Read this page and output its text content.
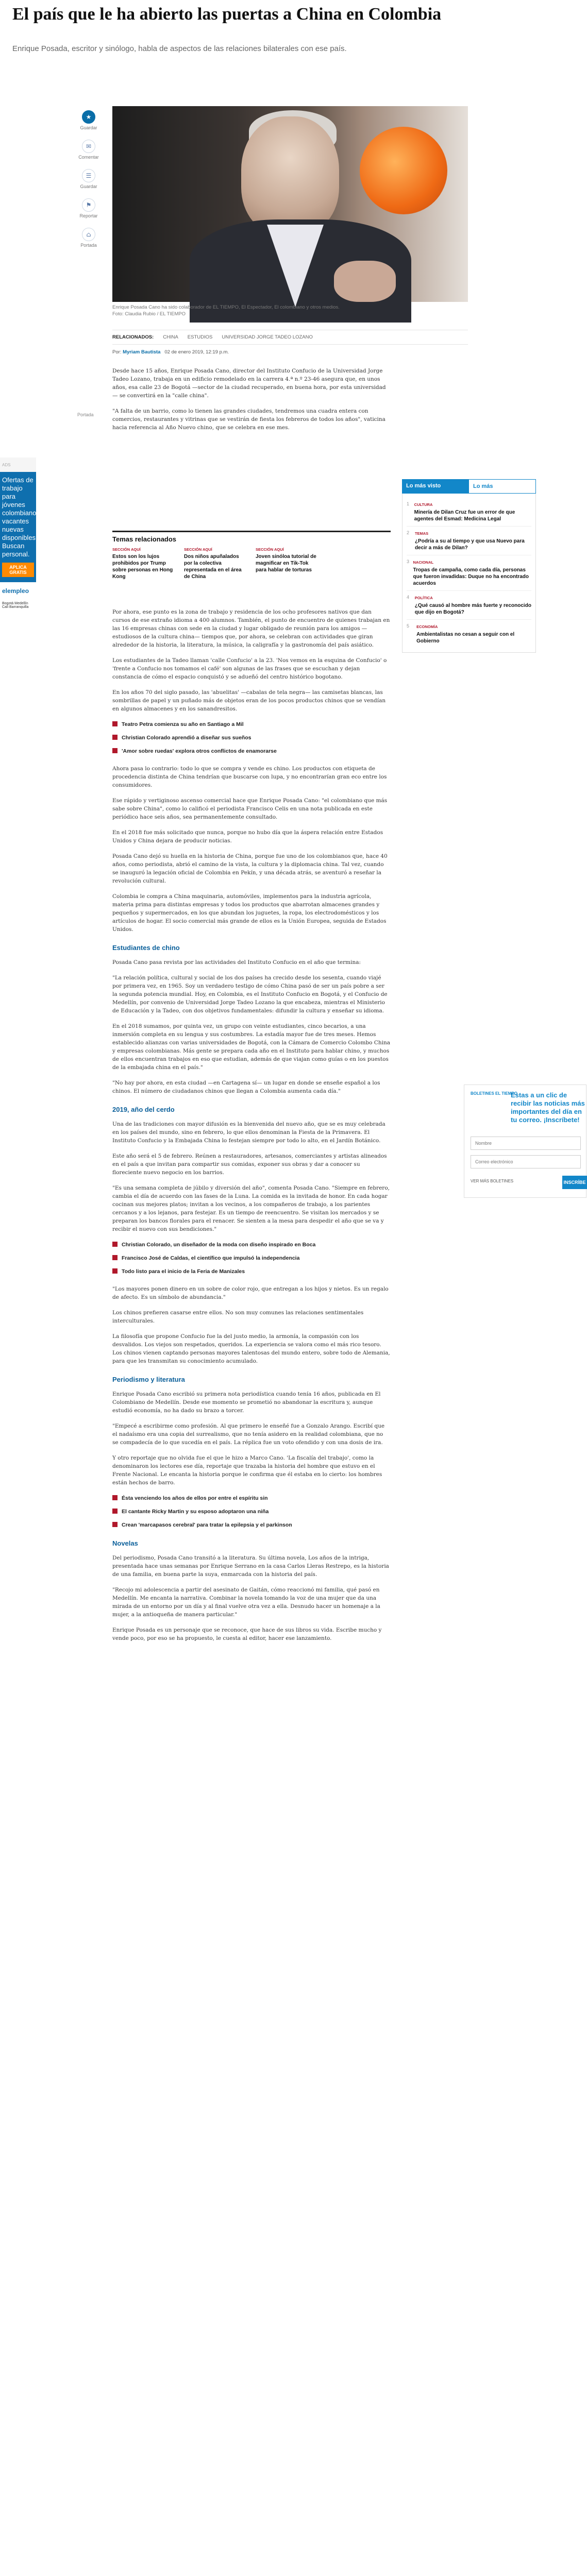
El país que le ha abierto las puertas a China en Colombia
Enrique Posada, escritor y sinólogo, habla de aspectos de las relaciones bilaterales con ese país.
★
Guardar
✉
Comentar
☰
Guardar
⚑
Reportar
⌂
Portada
Portada
Enrique Posada Cano ha sido colaborador de EL TIEMPO, El Espectador, El colombiano y otros medios.
Foto: Claudia Rubio / EL TIEMPO
RELACIONADOS: CHINA ESTUDIOS UNIVERSIDAD JORGE TADEO LOZANO
Por: Myriam Bautista 02 de enero 2019, 12:19 p.m.

Desde hace 15 años, Enrique Posada Cano, director del Instituto Confucio de la Universidad Jorge Tadeo Lozano, trabaja en un edificio remodelado en la carrera 4.ª n.º 23-46 asegura que, en unos años, esa calle 23 de Bogotá —sector de la ciudad recuperado, en buena hora, por esta universidad— se convertirá en la "calle china".

"A falta de un barrio, como lo tienen las grandes ciudades, tendremos una cuadra entera con comercios, restaurantes y vitrinas que se vestirán de fiesta los febreros de todos los años", vaticina hacia referencia al Año Nuevo chino, que se celebra en ese mes.

Temas relacionados
SECCIÓN AQUÍ
Estos son los lujos prohibidos por Trump sobre personas en Hong Kong
SECCIÓN AQUÍ
Dos niños apuñalados por la colectiva representada en el área de China
SECCIÓN AQUÍ
Joven sinóloa tutorial de magnificar en Tik-Tok para hablar de torturas
Lo más visto	Lo más
1	CULTURA
Minería de Dilan Cruz fue un error de que agentes del Esmad: Medicina Legal
2	TEMAS
¿Podría a su al tiempo y que usa Nuevo para decir a más de Dilan?
3 NACIONAL
Tropas de campaña, como cada día, personas que fueron invadidas: Duque no ha encontrado acuerdos
4	POLÍTICA
¿Qué causó al hombre más fuerte y reconocido que dijo en Bogotá?
5	ECONOMÍA
Ambientalistas no cesan a seguir con el Gobierno
ADS
Ofertas de trabajo para jóvenes colombianos vacantes nuevas disponibles. Buscan personal.
APLICA GRATIS
elempleo
Bogotá Medellín Cali Barranquilla

Por ahora, ese punto es la zona de trabajo y residencia de los ocho profesores nativos que dan cursos de ese extraño idioma a 400 alumnos. También, el punto de encuentro de quienes trabajan en las 16 empresas chinas con sede en la ciudad y lugar obligado de reunión para los amigos —estudiosos de la cultura china— tiempos que, por ahora, se celebran con actividades que giran alrededor de la historia, la literatura, la música, la caligrafía y la gastronomía del país asiático.

Los estudiantes de la Tadeo llaman 'calle Confucio' a la 23. 'Nos vemos en la esquina de Confucio' o 'frente a Confucio nos tomamos el café' son algunas de las frases que se escuchan y dejan constancia de cómo el espacio conquistó y se adueñó del centro histórico bogotano.

En los años 70 del siglo pasado, las 'abuelitas' —cabalas de tela negra— las camisetas blancas, las sombrillas de papel y un puñado más de objetos eran de los pocos productos chinos que se vendían en algunos almacenes y en los sanandresitos.

Teatro Petra comienza su año en Santiago a Mil
Christian Colorado aprendió a diseñar sus sueños
'Amor sobre ruedas' explora otros conflictos de enamorarse

Ahora pasa lo contrario: todo lo que se compra y vende es chino. Los productos con etiqueta de procedencia distinta de China tendrían que buscarse con lupa, y no encontrarían gran eco entre los consumidores.

Ese rápido y vertiginoso ascenso comercial hace que Enrique Posada Cano: "el colombiano que más sabe sobre China", como lo calificó el periodista Francisco Celis en una nota publicada en este periódico hace seis años, sea permanentemente consultado.

En el 2018 fue más solicitado que nunca, porque no hubo día que la áspera relación entre Estados Unidos y China dejara de producir noticias.

Posada Cano dejó su huella en la historia de China, porque fue uno de los colombianos que, hace 40 años, como periodista, abrió el camino de la vista, la cultura y la diplomacia china. Tal vez, cuando se inauguró la legación oficial de Colombia en Pekín, y una década atrás, se aventuró a reseñar la revolución cultural.

Colombia le compra a China maquinaria, automóviles, implementos para la industria agrícola, materia prima para distintas empresas y todos los productos que abarrotan almacenes grandes y pequeños y supermercados, en los que abundan los juguetes, la ropa, los electrodomésticos y los artículos de hogar. El socio comercial más grande de ellos es la Unión Europea, seguida de Estados Unidos.

Estudiantes de chino

Posada Cano pasa revista por las actividades del Instituto Confucio en el año que termina:

"La relación política, cultural y social de los dos países ha crecido desde los sesenta, cuando viajé por primera vez, en 1965. Soy un verdadero testigo de cómo China pasó de ser un país pobre a ser la segunda potencia mundial. Hoy, en Colombia, es el Instituto Confucio en Bogotá, y el Confucio de Medellín, por convenio de Universidad Jorge Tadeo Lozano la que encabeza, mientras el Ministerio de Educación y la Tadeo, con dos objetivos fundamentales: difundir la cultura y enseñar su idioma.

En el 2018 sumamos, por quinta vez, un grupo con veinte estudiantes, cinco becarios, a una inmersión completa en su lengua y sus costumbres. La estadía mayor fue de tres meses. Hemos establecido alianzas con varias universidades de Bogotá, con la Cámara de Comercio Colombo China y empresas colombianas. Más gente se prepara cada año en el Instituto para hablar chino, y muchos de ellos encuentran trabajos en eso que estudian, además de que viajan como guías o en los puestos de la embajada china en el país."

"No hay por ahora, en esta ciudad —en Cartagena sí— un lugar en donde se enseñe español a los chinos. El número de ciudadanos chinos que llegan a Colombia aumenta cada día."

2019, año del cerdo

Una de las tradiciones con mayor difusión es la bienvenida del nuevo año, que se es muy celebrada en los países del mundo, sino en febrero, lo que ellos denominan la Fiesta de la Primavera. El Instituto Confucio y la Embajada China lo festejan siempre por todo lo alto, en el Jardín Botánico.

Este año será el 5 de febrero. Reúnen a restauradores, artesanos, comerciantes y artistas alineados en el país a que invitan para compartir sus comidas, exponer sus obras y dar a conocer su floreciente nuevo negocio en los barrios.

"Es una semana completa de júbilo y diversión del año", comenta Posada Cano. "Siempre en febrero, cambia el día de acuerdo con las fases de la Luna. La comida es la invitada de honor. En cada hogar cocinan sus mejores platos; invitan a los vecinos, a los compañeros de trabajo, a los parientes cercanos y a los lejanos, para festejar. Es un tiempo de reencuentro. Se visitan los mercados y se preparan los bancos florales para el renacer. Se sienten a la mesa para despedir el año que se va y recibir el nuevo con sus bendiciones."

Christian Colorado, un diseñador de la moda con diseño inspirado en Boca
Francisco José de Caldas, el científico que impulsó la independencia
Todo listo para el inicio de la Feria de Manizales

"Los mayores ponen dinero en un sobre de color rojo, que entregan a los hijos y nietos. Es un regalo de afecto. Es un símbolo de abundancia."

Los chinos prefieren casarse entre ellos. No son muy comunes las relaciones sentimentales interculturales.

La filosofía que propone Confucio fue la del justo medio, la armonía, la compasión con los desvalidos. Los viejos son respetados, queridos. La experiencia se valora como el más rico tesoro. Los chinos vienen captando personas mayores talentosas del mundo entero, sobre todo de Alemania, para que les transmitan su conocimiento acumulado.

Periodismo y literatura

Enrique Posada Cano escribió su primera nota periodística cuando tenía 16 años, publicada en El Colombiano de Medellín. Desde ese momento se prometió no abandonar la escritura y, aunque estudió economía, no ha dado su brazo a torcer.

"Empecé a escribirme como profesión. Al que primero le enseñé fue a Gonzalo Arango. Escribí que el nadaísmo era una copia del surrealismo, que no tenía asidero en la realidad colombiana, que no se compadecía de lo que sucedía en el país. La réplica fue un voto ofendido y con una dosis de ira.

Y otro reportaje que no olvida fue el que le hizo a Marco Cano. 'La fiscalía del trabajo', como la denominaron los lectores ese día, reportaje que trazaba la historia del hombre que estuvo en el Frente Nacional. Le encanta la historia porque le confirma que él estaba en lo cierto: los hombres están hechos de barro.

Ésta venciendo los años de ellos por entre el espíritu sin
El cantante Ricky Martin y su esposo adoptaron una niña
Crean 'marcapasos cerebral' para tratar la epilepsia y el parkinson
Novelas

Del periodismo, Posada Cano transitó a la literatura. Su última novela, Los años de la intriga, presentada hace unas semanas por Enrique Serrano en la casa Carlos Lleras Restrepo, es la historia de una familia, en buena parte la suya, enmarcada con la historia del país.

"Recojo mi adolescencia a partir del asesinato de Gaitán, cómo reaccionó mi familia, qué pasó en Medellín. Me encanta la narrativa. Combinar la novela tomando la voz de una mujer que da una mirada de un entorno por un día y al final vuelve otra vez a ella. Desnudo hacer un homenaje a la mujer, a la antioqueña de manera particular."

Enrique Posada es un personaje que se reconoce, que hace de sus libros su vida. Escribe mucho y vende poco, por eso se ha propuesto, le cuesta al editor, hacer ese lanzamiento.

BOLETINES EL TIEMPO
Estas a un clic de recibir las noticias más importantes del día en tu correo. ¡Inscríbete!
Nombre
Correo electrónico
VER MÁS BOLETINES	INSCRÍBE
